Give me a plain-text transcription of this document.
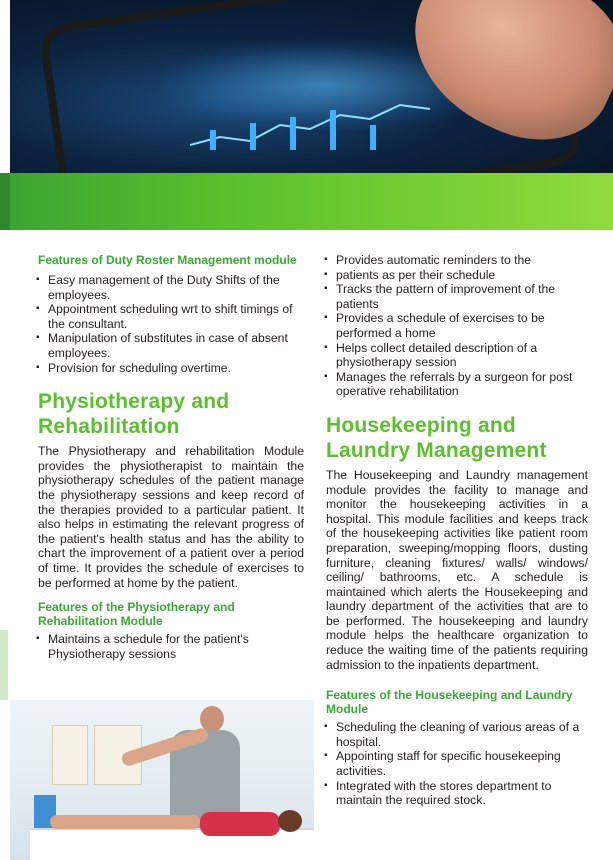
Features of Duty Roster Management module
▪ Easy management of the Duty Shifts of the employees.
▪ Appointment scheduling wrt to shift timings of the consultant.
▪ Manipulation of substitutes in case of absent employees.
▪ Provision for scheduling overtime.
Physiotherapy and Rehabilitation

The Physiotherapy and rehabilitation Module provides the physiotherapist to maintain the physiotherapy schedules of the patient manage the physiotherapy sessions and keep record of the therapies provided to a particular patient. It also helps in estimating the relevant progress of the patient's health status and has the ability to chart the improvement of a patient over a period of time. It provides the schedule of exercises to be performed at home by the patient.

Features of the Physiotherapy and Rehabilitation Module
▪ Maintains a schedule for the patient's Physiotherapy sessions
▪ Provides automatic reminders to the
▪ patients as per their schedule
▪ Tracks the pattern of improvement of the patients
▪ Provides a schedule of exercises to be performed a home
▪ Helps collect detailed description of a physiotherapy session
▪ Manages the referrals by a surgeon for post operative rehabilitation
Housekeeping and Laundry Management

The Housekeeping and Laundry management module provides the facility to manage and monitor the housekeeping activities in a hospital. This module facilities and keeps track of the housekeeping activities like patient room preparation, sweeping/mopping floors, dusting furniture, cleaning fixtures/ walls/ windows/ ceiling/ bathrooms, etc. A schedule is maintained which alerts the Housekeeping and laundry department of the activities that are to be performed. The housekeeping and laundry module helps the healthcare organization to reduce the waiting time of the patients requiring admission to the inpatients department.

Features of the Housekeeping and Laundry Module
▪ Scheduling the cleaning of various areas of a hospital.
▪ Appointing staff for specific housekeeping activities.
▪ Integrated with the stores department to maintain the required stock.
